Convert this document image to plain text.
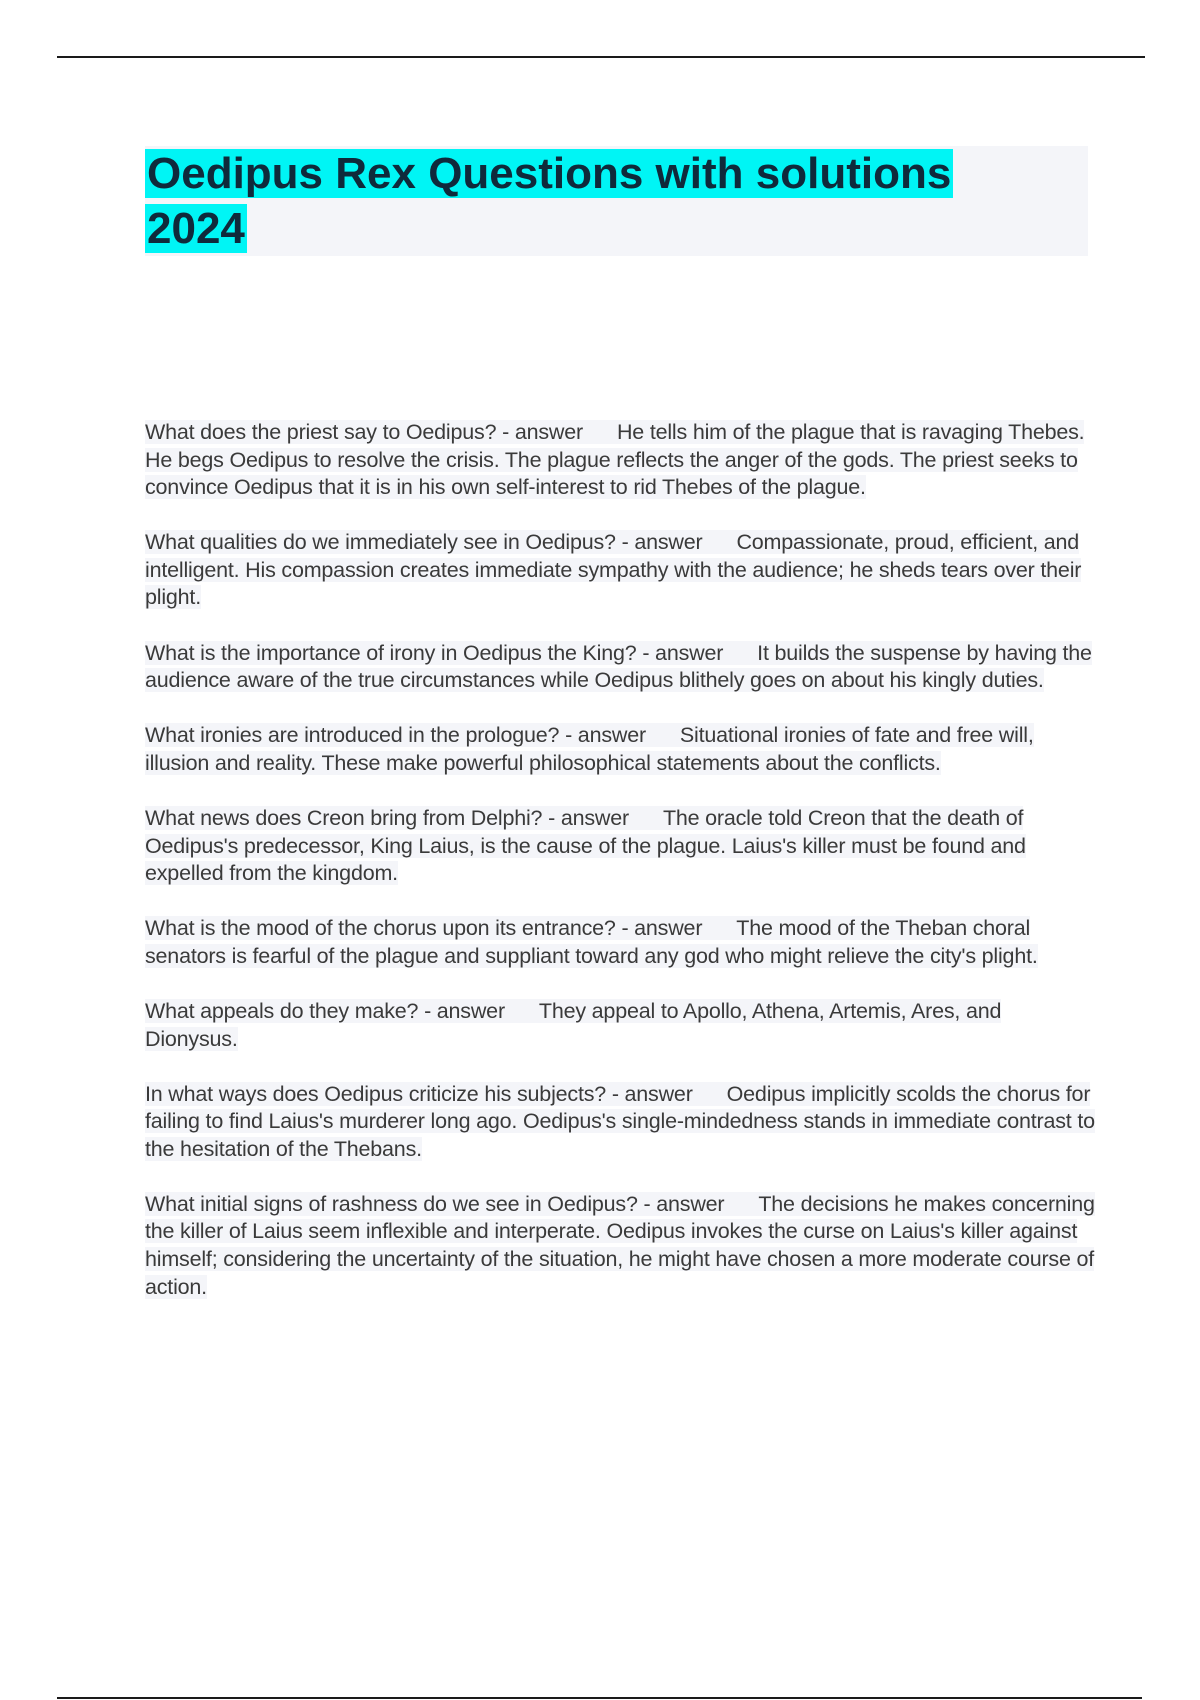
Oedipus Rex Questions with solutions
2024

What does the priest say to Oedipus? - answer He tells him of the plague that is ravaging Thebes. He begs Oedipus to resolve the crisis. The plague reflects the anger of the gods. The priest seeks to convince Oedipus that it is in his own self-interest to rid Thebes of the plague.

What qualities do we immediately see in Oedipus? - answer Compassionate, proud, efficient, and intelligent. His compassion creates immediate sympathy with the audience; he sheds tears over their plight.

What is the importance of irony in Oedipus the King? - answer It builds the suspense by having the audience aware of the true circumstances while Oedipus blithely goes on about his kingly duties.

What ironies are introduced in the prologue? - answer Situational ironies of fate and free will, illusion and reality. These make powerful philosophical statements about the conflicts.

What news does Creon bring from Delphi? - answer The oracle told Creon that the death of Oedipus's predecessor, King Laius, is the cause of the plague. Laius's killer must be found and expelled from the kingdom.

What is the mood of the chorus upon its entrance? - answer The mood of the Theban choral senators is fearful of the plague and suppliant toward any god who might relieve the city's plight.

What appeals do they make? - answer They appeal to Apollo, Athena, Artemis, Ares, and Dionysus.

In what ways does Oedipus criticize his subjects? - answer Oedipus implicitly scolds the chorus for failing to find Laius's murderer long ago. Oedipus's single-mindedness stands in immediate contrast to the hesitation of the Thebans.

What initial signs of rashness do we see in Oedipus? - answer The decisions he makes concerning the killer of Laius seem inflexible and interperate. Oedipus invokes the curse on Laius's killer against himself; considering the uncertainty of the situation, he might have chosen a more moderate course of action.
